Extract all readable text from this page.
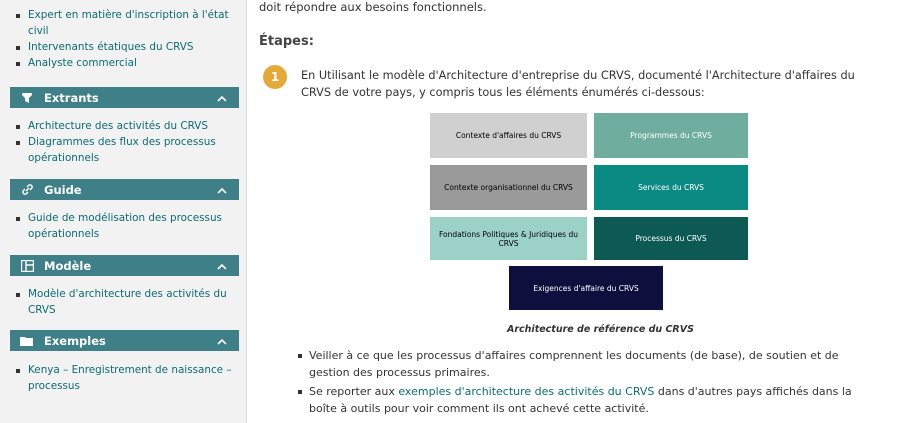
Expert en matière d'inscription à l'état civil
Intervenants étatiques du CRVS
Analyste commercial
Extrants
Architecture des activités du CRVS
Diagrammes des flux des processus opérationnels
Guide
Guide de modélisation des processus opérationnels
Modèle
Modèle d'architecture des activités du CRVS
Exemples
Kenya – Enregistrement de naissance – processus
doit répondre aux besoins fonctionnels.
Étapes:
1	En Utilisant le modèle d'Architecture d'entreprise du CRVS, documenté l'Architecture d'affaires du CRVS de votre pays, y compris tous les éléments énumérés ci-dessous:
Contexte d'affaires du CRVS	Programmes du CRVS
Contexte organisationnel du CRVS	Services du CRVS
Fondations Politiques & Juridiques du CRVS	Processus du CRVS
Exigences d'affaire du CRVS
Architecture de référence du CRVS
Veiller à ce que les processus d'affaires comprennent les documents (de base), de soutien et de gestion des processus primaires.
Se reporter aux exemples d'architecture des activités du CRVS dans d'autres pays affichés dans la boîte à outils pour voir comment ils ont achevé cette activité.
